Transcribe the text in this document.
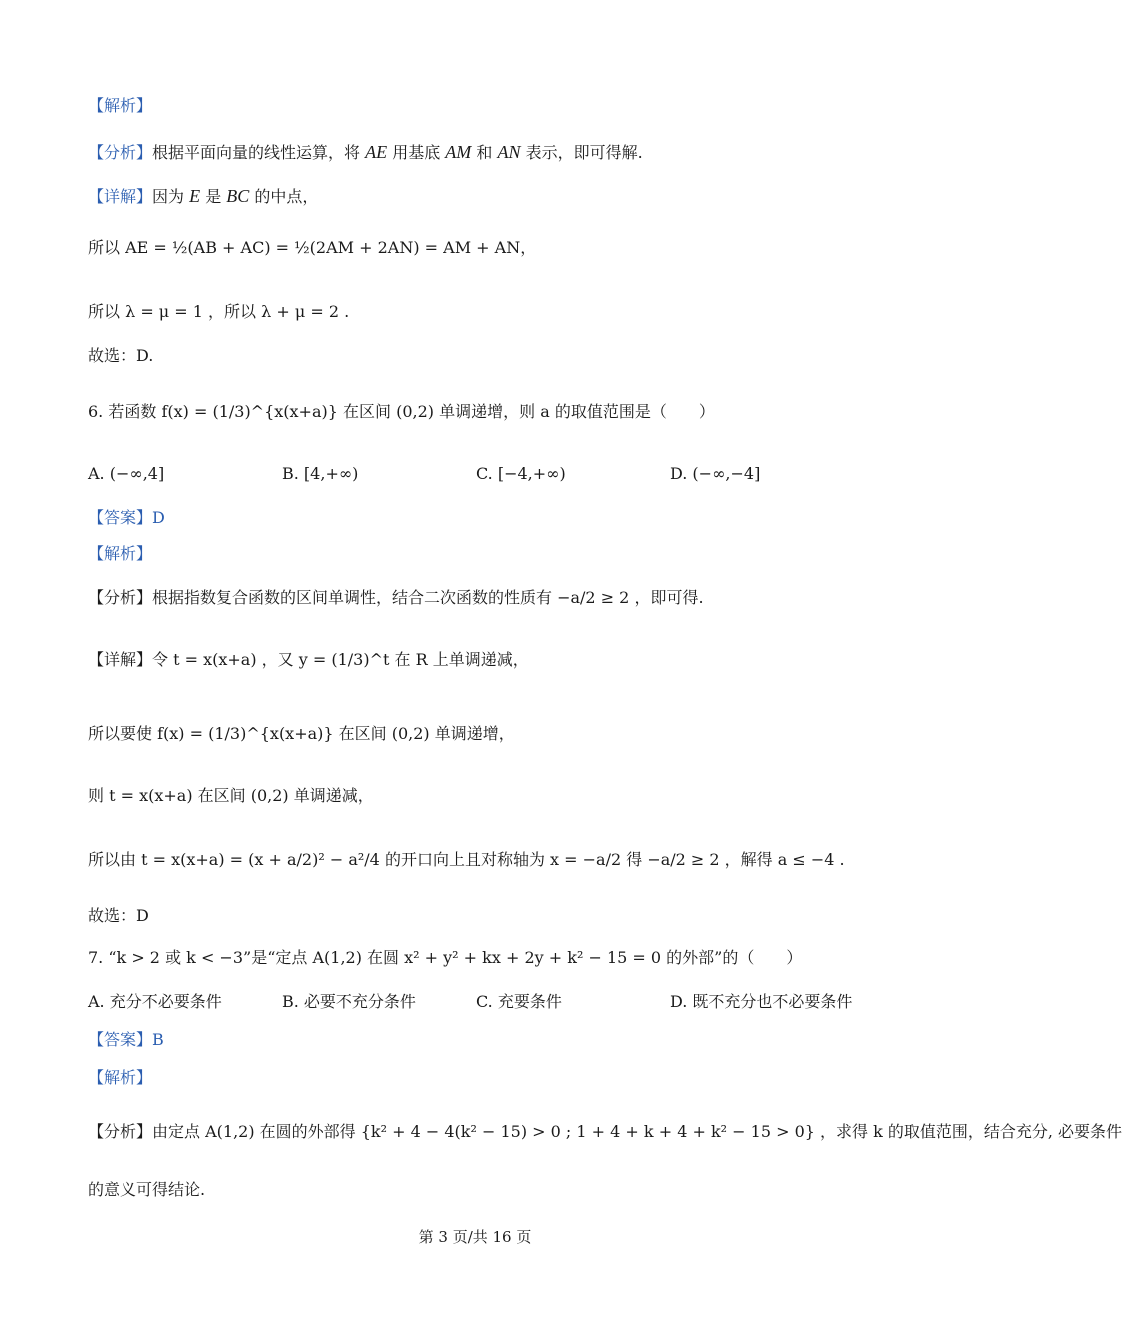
【解析】
【分析】根据平面向量的线性运算，将 AE 用基底 AM 和 AN 表示，即可得解.
【详解】因为 E 是 BC 的中点，
所以 AE = ½(AB + AC) = ½(2AM + 2AN) = AM + AN，
所以 λ = μ = 1 ，所以 λ + μ = 2 .
故选：D.
6. 若函数 f(x) = (1/3)^{x(x+a)} 在区间 (0,2) 单调递增，则 a 的取值范围是（　　）
A. (−∞,4]	B. [4,+∞)	C. [−4,+∞)	D. (−∞,−4]
【答案】D
【解析】
【分析】根据指数复合函数的区间单调性，结合二次函数的性质有 −a/2 ≥ 2 ，即可得.
【详解】令 t = x(x+a) ，又 y = (1/3)^t 在 R 上单调递减，
所以要使 f(x) = (1/3)^{x(x+a)} 在区间 (0,2) 单调递增，
则 t = x(x+a) 在区间 (0,2) 单调递减，
所以由 t = x(x+a) = (x + a/2)² − a²/4 的开口向上且对称轴为 x = −a/2 得 −a/2 ≥ 2 ，解得 a ≤ −4 .
故选：D
7. “k > 2 或 k < −3”是“定点 A(1,2) 在圆 x² + y² + kx + 2y + k² − 15 = 0 的外部”的（　　）
A. 充分不必要条件	B. 必要不充分条件	C. 充要条件	D. 既不充分也不必要条件
【答案】B
【解析】
【分析】由定点 A(1,2) 在圆的外部得 {k² + 4 − 4(k² − 15) > 0 ; 1 + 4 + k + 4 + k² − 15 > 0} ，求得 k 的取值范围，结合充分, 必要条件
的意义可得结论.
第 3 页/共 16 页
